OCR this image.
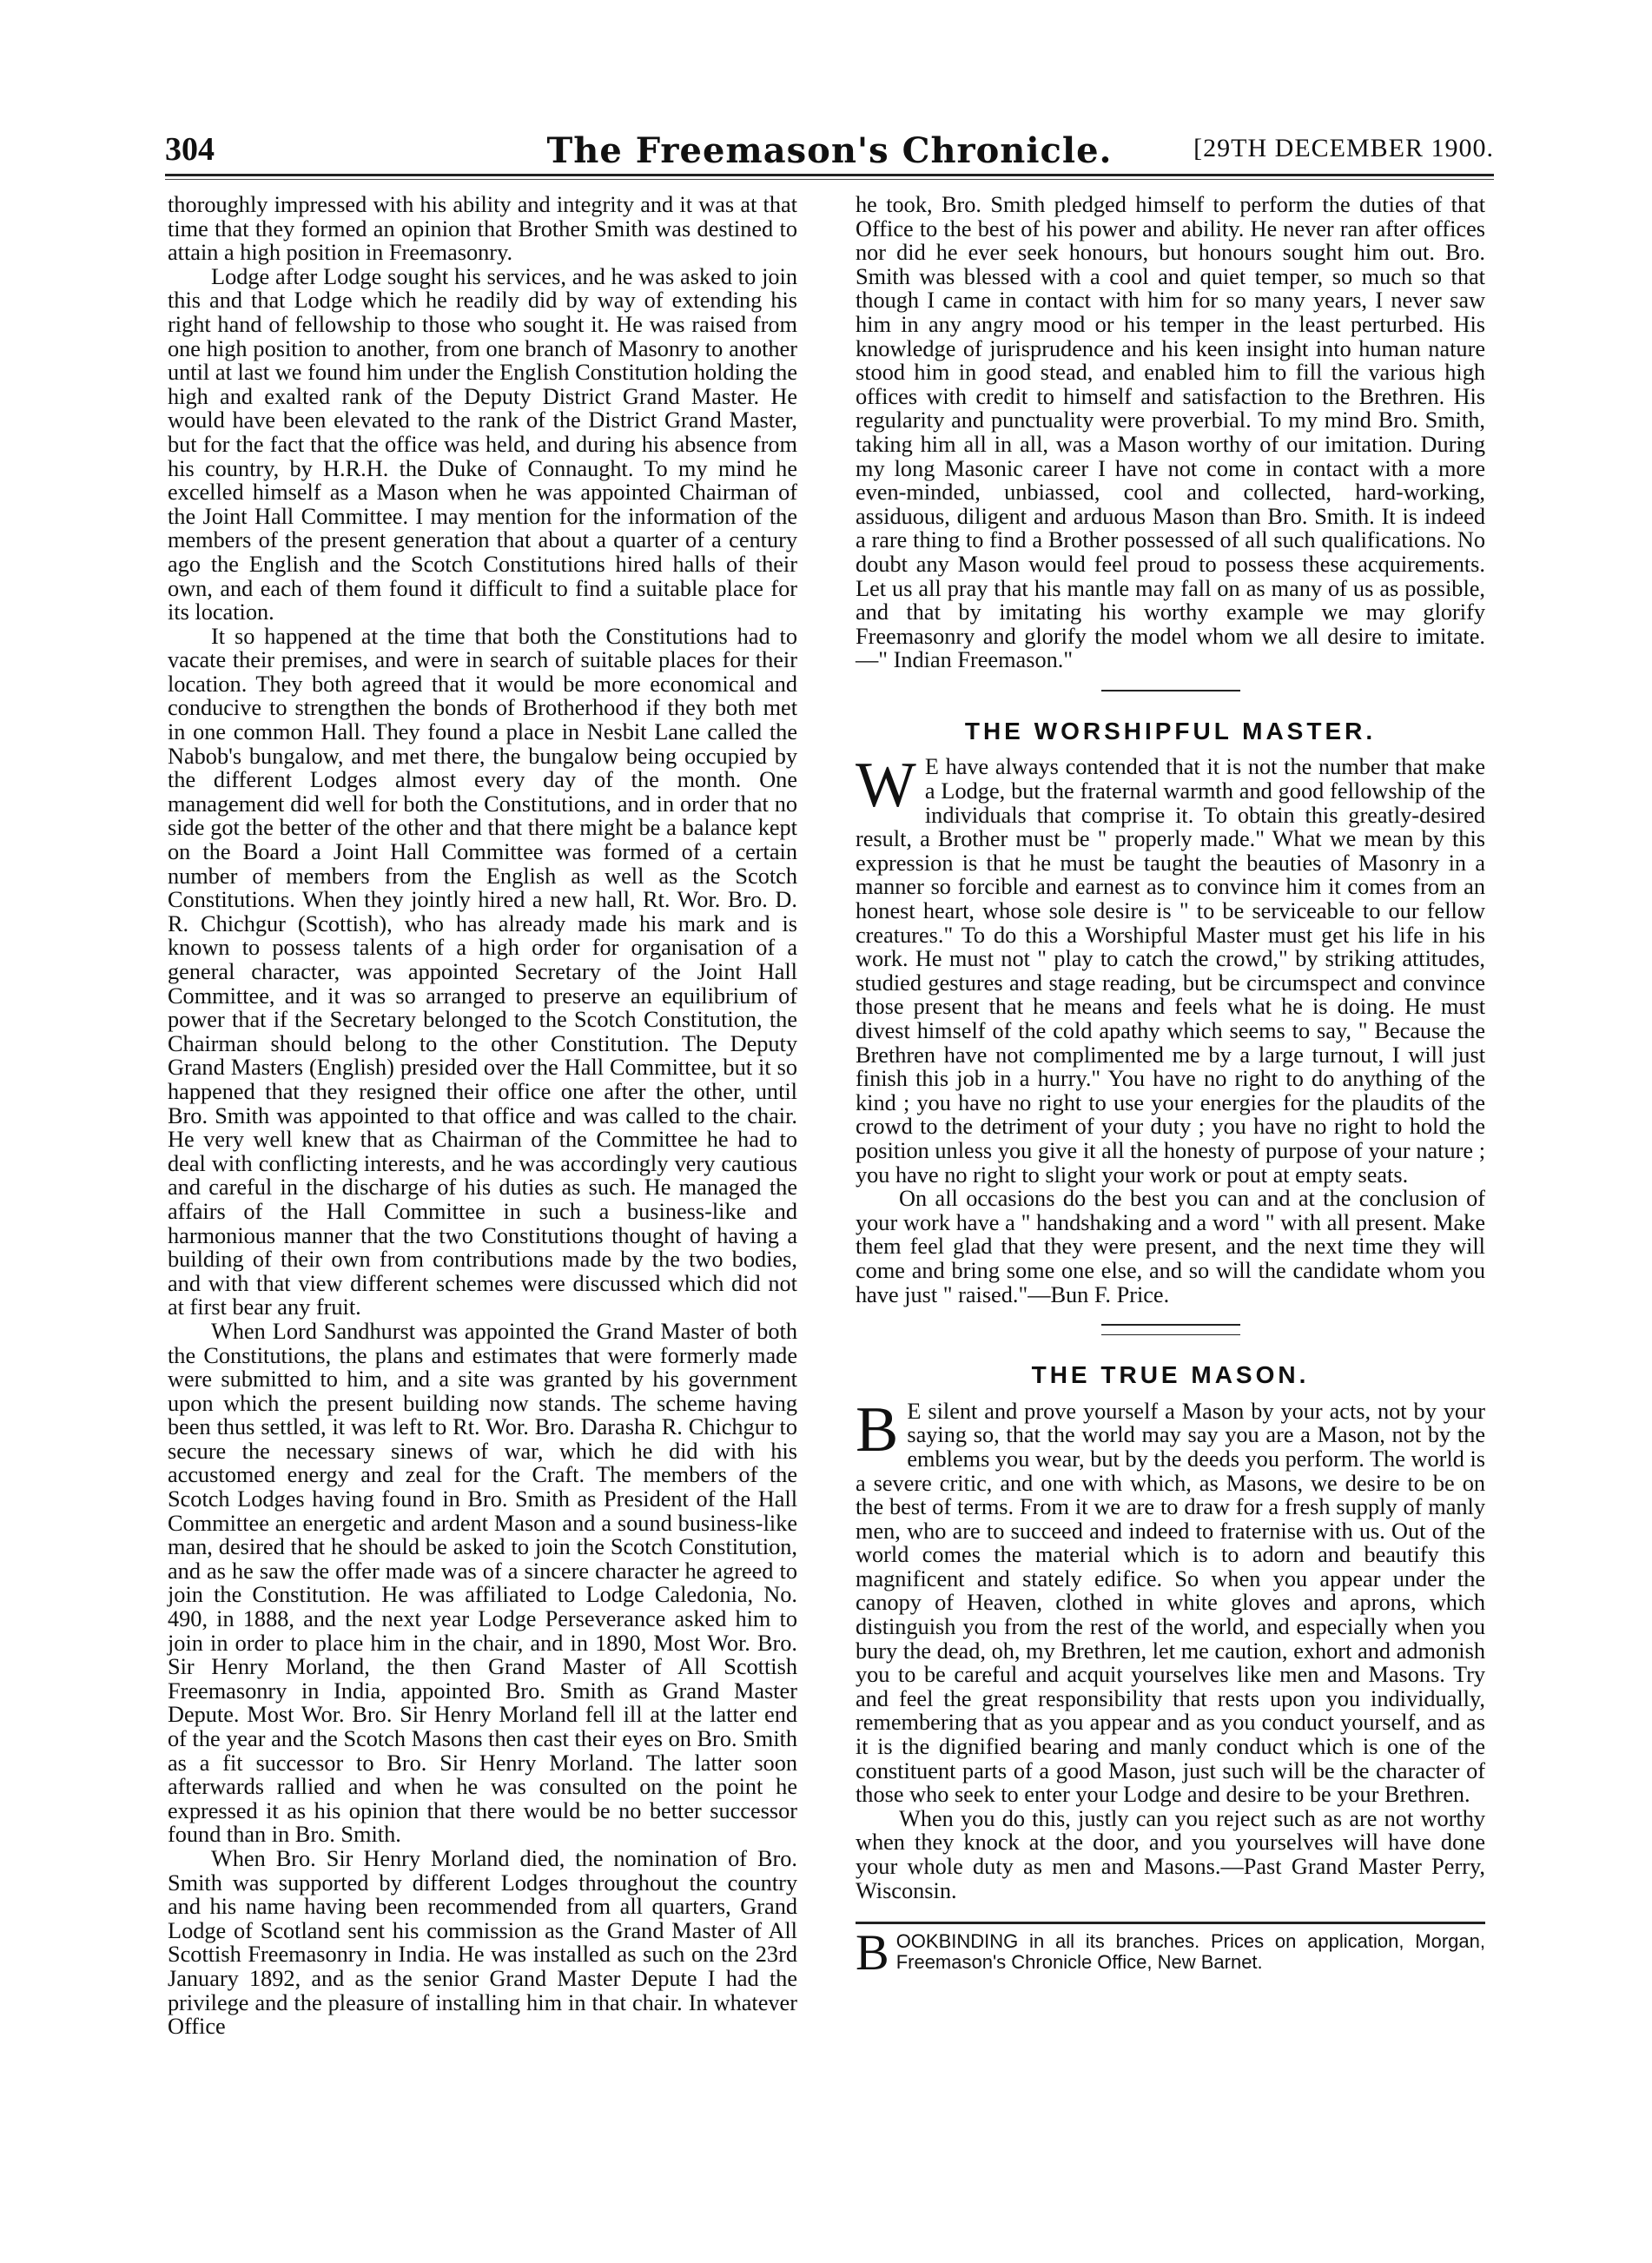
304	The Freemason's Chronicle.	[29TH DECEMBER 1900.

thoroughly impressed with his ability and integrity and it was at that time that they formed an opinion that Brother Smith was destined to attain a high position in Freemasonry.

Lodge after Lodge sought his services, and he was asked to join this and that Lodge which he readily did by way of extending his right hand of fellowship to those who sought it. He was raised from one high position to another, from one branch of Masonry to another until at last we found him under the English Constitution holding the high and exalted rank of the Deputy District Grand Master. He would have been elevated to the rank of the District Grand Master, but for the fact that the office was held, and during his absence from his country, by H.R.H. the Duke of Connaught. To my mind he excelled himself as a Mason when he was appointed Chairman of the Joint Hall Committee. I may mention for the information of the members of the present generation that about a quarter of a century ago the English and the Scotch Constitutions hired halls of their own, and each of them found it difficult to find a suitable place for its location.

It so happened at the time that both the Constitutions had to vacate their premises, and were in search of suitable places for their location. They both agreed that it would be more economical and conducive to strengthen the bonds of Brotherhood if they both met in one common Hall. They found a place in Nesbit Lane called the Nabob's bungalow, and met there, the bungalow being occupied by the different Lodges almost every day of the month. One management did well for both the Constitutions, and in order that no side got the better of the other and that there might be a balance kept on the Board a Joint Hall Committee was formed of a certain number of members from the English as well as the Scotch Constitutions. When they jointly hired a new hall, Rt. Wor. Bro. D. R. Chichgur (Scottish), who has already made his mark and is known to possess talents of a high order for organisation of a general character, was appointed Secretary of the Joint Hall Committee, and it was so arranged to preserve an equilibrium of power that if the Secretary belonged to the Scotch Constitution, the Chairman should belong to the other Constitution. The Deputy Grand Masters (English) presided over the Hall Committee, but it so happened that they resigned their office one after the other, until Bro. Smith was appointed to that office and was called to the chair. He very well knew that as Chairman of the Committee he had to deal with conflicting interests, and he was accordingly very cautious and careful in the discharge of his duties as such. He managed the affairs of the Hall Committee in such a business-like and harmonious manner that the two Constitutions thought of having a building of their own from contributions made by the two bodies, and with that view different schemes were discussed which did not at first bear any fruit.

When Lord Sandhurst was appointed the Grand Master of both the Constitutions, the plans and estimates that were formerly made were submitted to him, and a site was granted by his government upon which the present building now stands. The scheme having been thus settled, it was left to Rt. Wor. Bro. Darasha R. Chichgur to secure the necessary sinews of war, which he did with his accustomed energy and zeal for the Craft. The members of the Scotch Lodges having found in Bro. Smith as President of the Hall Committee an energetic and ardent Mason and a sound business-like man, desired that he should be asked to join the Scotch Constitution, and as he saw the offer made was of a sincere character he agreed to join the Constitution. He was affiliated to Lodge Caledonia, No. 490, in 1888, and the next year Lodge Perseverance asked him to join in order to place him in the chair, and in 1890, Most Wor. Bro. Sir Henry Morland, the then Grand Master of All Scottish Freemasonry in India, appointed Bro. Smith as Grand Master Depute. Most Wor. Bro. Sir Henry Morland fell ill at the latter end of the year and the Scotch Masons then cast their eyes on Bro. Smith as a fit successor to Bro. Sir Henry Morland. The latter soon afterwards rallied and when he was consulted on the point he expressed it as his opinion that there would be no better successor found than in Bro. Smith.

When Bro. Sir Henry Morland died, the nomination of Bro. Smith was supported by different Lodges throughout the country and his name having been recommended from all quarters, Grand Lodge of Scotland sent his commission as the Grand Master of All Scottish Freemasonry in India. He was installed as such on the 23rd January 1892, and as the senior Grand Master Depute I had the privilege and the pleasure of installing him in that chair. In whatever Office

he took, Bro. Smith pledged himself to perform the duties of that Office to the best of his power and ability. He never ran after offices nor did he ever seek honours, but honours sought him out. Bro. Smith was blessed with a cool and quiet temper, so much so that though I came in contact with him for so many years, I never saw him in any angry mood or his temper in the least perturbed. His knowledge of jurisprudence and his keen insight into human nature stood him in good stead, and enabled him to fill the various high offices with credit to himself and satisfaction to the Brethren. His regularity and punctuality were proverbial. To my mind Bro. Smith, taking him all in all, was a Mason worthy of our imitation. During my long Masonic career I have not come in contact with a more even-minded, unbiassed, cool and collected, hard-working, assiduous, diligent and arduous Mason than Bro. Smith. It is indeed a rare thing to find a Brother possessed of all such qualifications. No doubt any Mason would feel proud to possess these acquirements. Let us all pray that his mantle may fall on as many of us as possible, and that by imitating his worthy example we may glorify Freemasonry and glorify the model whom we all desire to imitate.—" Indian Freemason."

THE WORSHIPFUL MASTER.

W E have always contended that it is not the number that make a Lodge, but the fraternal warmth and good fellowship of the individuals that comprise it. To obtain this greatly-desired result, a Brother must be " properly made." What we mean by this expression is that he must be taught the beauties of Masonry in a manner so forcible and earnest as to convince him it comes from an honest heart, whose sole desire is " to be serviceable to our fellow creatures." To do this a Worshipful Master must get his life in his work. He must not " play to catch the crowd," by striking attitudes, studied gestures and stage reading, but be circumspect and convince those present that he means and feels what he is doing. He must divest himself of the cold apathy which seems to say, " Because the Brethren have not complimented me by a large turnout, I will just finish this job in a hurry." You have no right to do anything of the kind ; you have no right to use your energies for the plaudits of the crowd to the detriment of your duty ; you have no right to hold the position unless you give it all the honesty of purpose of your nature ; you have no right to slight your work or pout at empty seats.

On all occasions do the best you can and at the conclusion of your work have a " handshaking and a word " with all present. Make them feel glad that they were present, and the next time they will come and bring some one else, and so will the candidate whom you have just " raised."—Bun F. Price.

THE TRUE MASON.

B E silent and prove yourself a Mason by your acts, not by your saying so, that the world may say you are a Mason, not by the emblems you wear, but by the deeds you perform. The world is a severe critic, and one with which, as Masons, we desire to be on the best of terms. From it we are to draw for a fresh supply of manly men, who are to succeed and indeed to fraternise with us. Out of the world comes the material which is to adorn and beautify this magnificent and stately edifice. So when you appear under the canopy of Heaven, clothed in white gloves and aprons, which distinguish you from the rest of the world, and especially when you bury the dead, oh, my Brethren, let me caution, exhort and admonish you to be careful and acquit yourselves like men and Masons. Try and feel the great responsibility that rests upon you individually, remembering that as you appear and as you conduct yourself, and as it is the dignified bearing and manly conduct which is one of the constituent parts of a good Mason, just such will be the character of those who seek to enter your Lodge and desire to be your Brethren.

When you do this, justly can you reject such as are not worthy when they knock at the door, and you yourselves will have done your whole duty as men and Masons.—Past Grand Master Perry, Wisconsin.

BOOKBINDING in all its branches. Prices on application, Morgan, Freemason's Chronicle Office, New Barnet.
